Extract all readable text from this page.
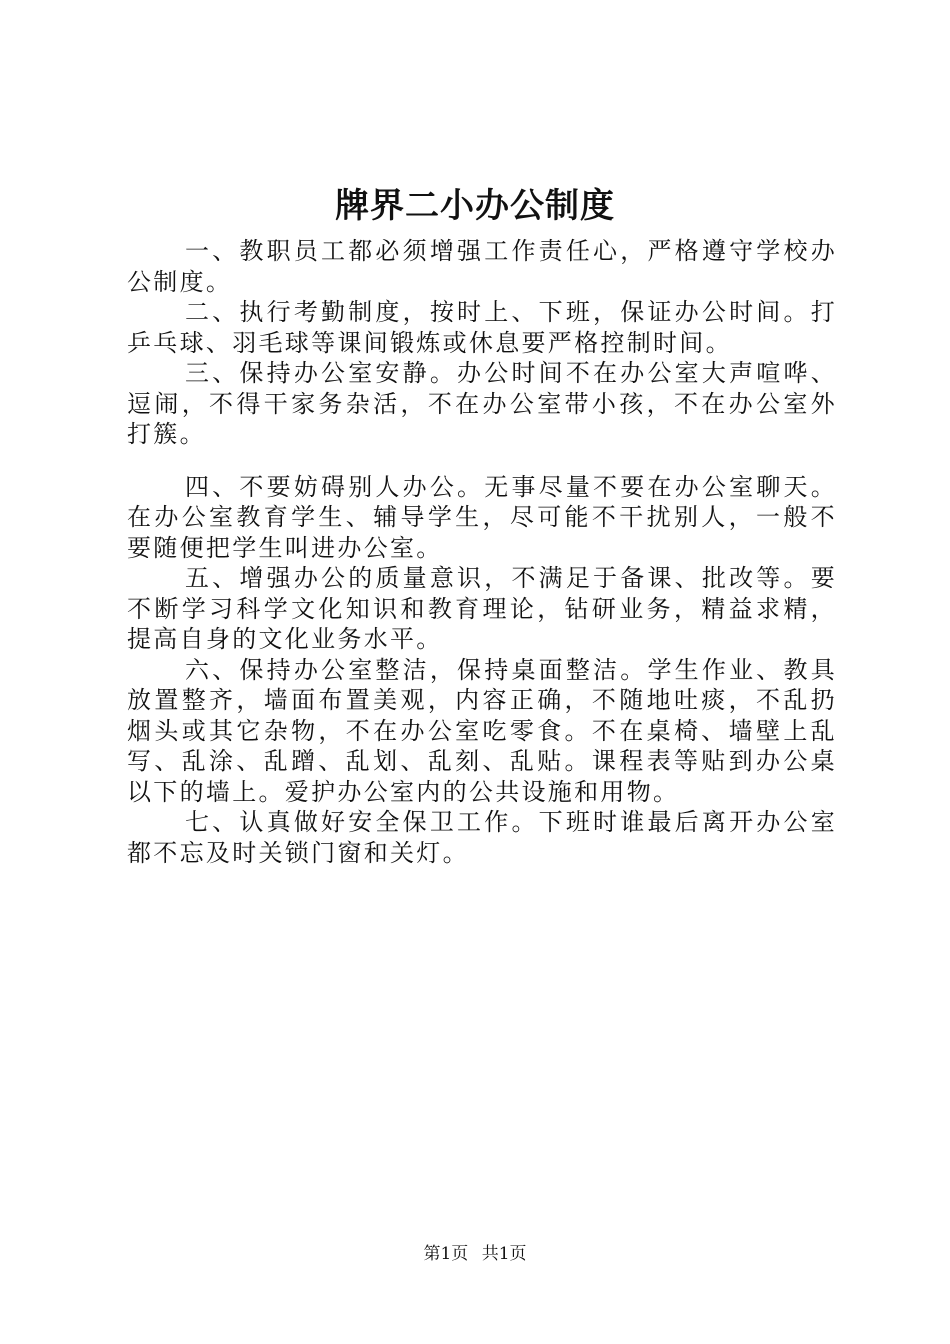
牌界二小办公制度

一、教职员工都必须增强工作责任心，严格遵守学校办公制度。

二、执行考勤制度，按时上、下班，保证办公时间。打乒乓球、羽毛球等课间锻炼或休息要严格控制时间。

三、保持办公室安静。办公时间不在办公室大声喧哗、逗闹，不得干家务杂活，不在办公室带小孩，不在办公室外打簇。

四、不要妨碍别人办公。无事尽量不要在办公室聊天。在办公室教育学生、辅导学生，尽可能不干扰别人，一般不要随便把学生叫进办公室。

五、增强办公的质量意识，不满足于备课、批改等。要不断学习科学文化知识和教育理论，钻研业务，精益求精，提高自身的文化业务水平。

六、保持办公室整洁，保持桌面整洁。学生作业、教具放置整齐，墙面布置美观，内容正确，不随地吐痰，不乱扔烟头或其它杂物，不在办公室吃零食。不在桌椅、墙壁上乱写、乱涂、乱蹭、乱划、乱刻、乱贴。课程表等贴到办公桌以下的墙上。爱护办公室内的公共设施和用物。

七、认真做好安全保卫工作。下班时谁最后离开办公室都不忘及时关锁门窗和关灯。

第1页 共1页
